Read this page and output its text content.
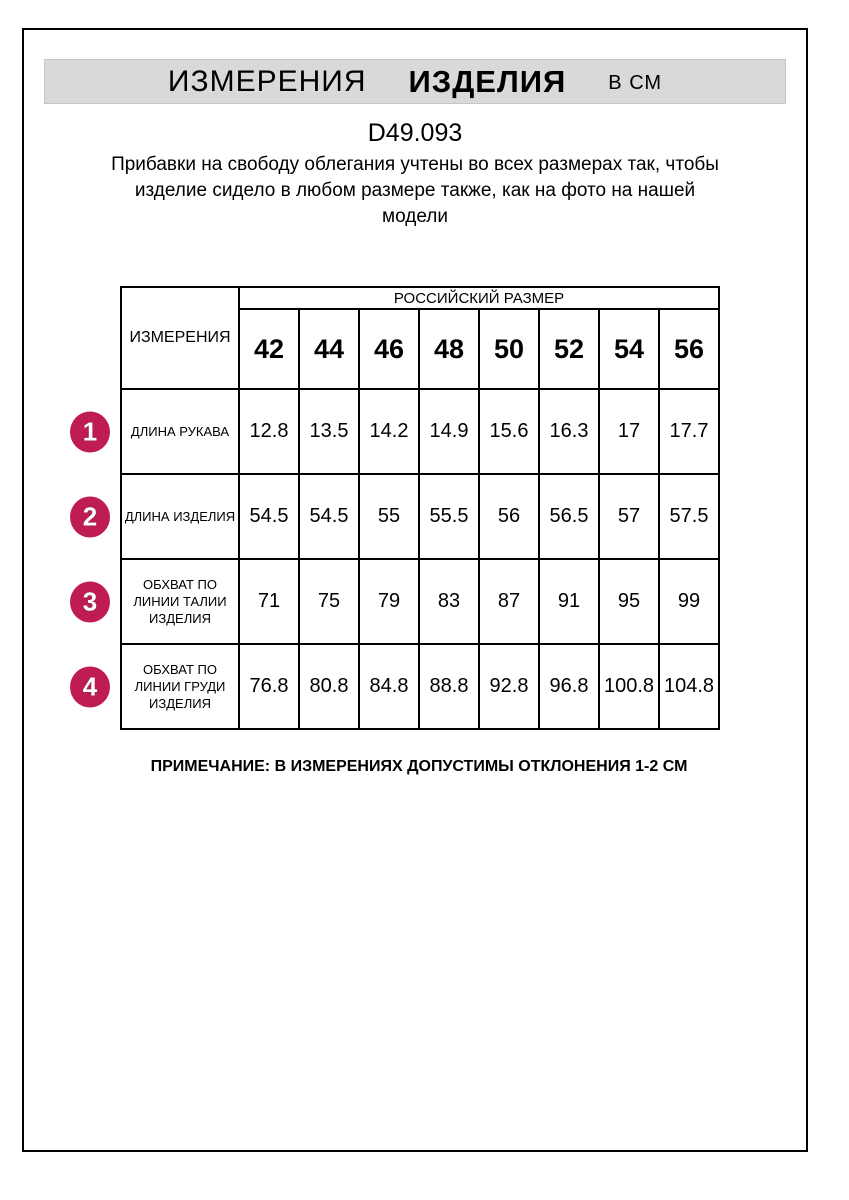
ИЗМЕРЕНИЯ ИЗДЕЛИЯ В СМ
D49.093
Прибавки на свободу облегания учтены во всех размерах так, чтобы изделие сидело в любом размере также, как на фото на нашей модели
ИЗМЕРЕНИЯ	РОССИЙСКИЙ РАЗМЕР							
	42	44	46	48	50	52	54	56

1 ДЛИНА РУКАВА	12.8	13.5	14.2	14.9	15.6	16.3	17	17.7

2 ДЛИНА ИЗДЕЛИЯ	54.5	54.5	55	55.5	56	56.5	57	57.5

3
ОБХВАТ ПО ЛИНИИ ТАЛИИ ИЗДЕЛИЯ	71	75	79	83	87	91	95	99

4
ОБХВАТ ПО ЛИНИИ ГРУДИ ИЗДЕЛИЯ	76.8	80.8	84.8	88.8	92.8	96.8	100.8	104.8
ПРИМЕЧАНИЕ: В ИЗМЕРЕНИЯХ ДОПУСТИМЫ ОТКЛОНЕНИЯ 1-2 СМ
